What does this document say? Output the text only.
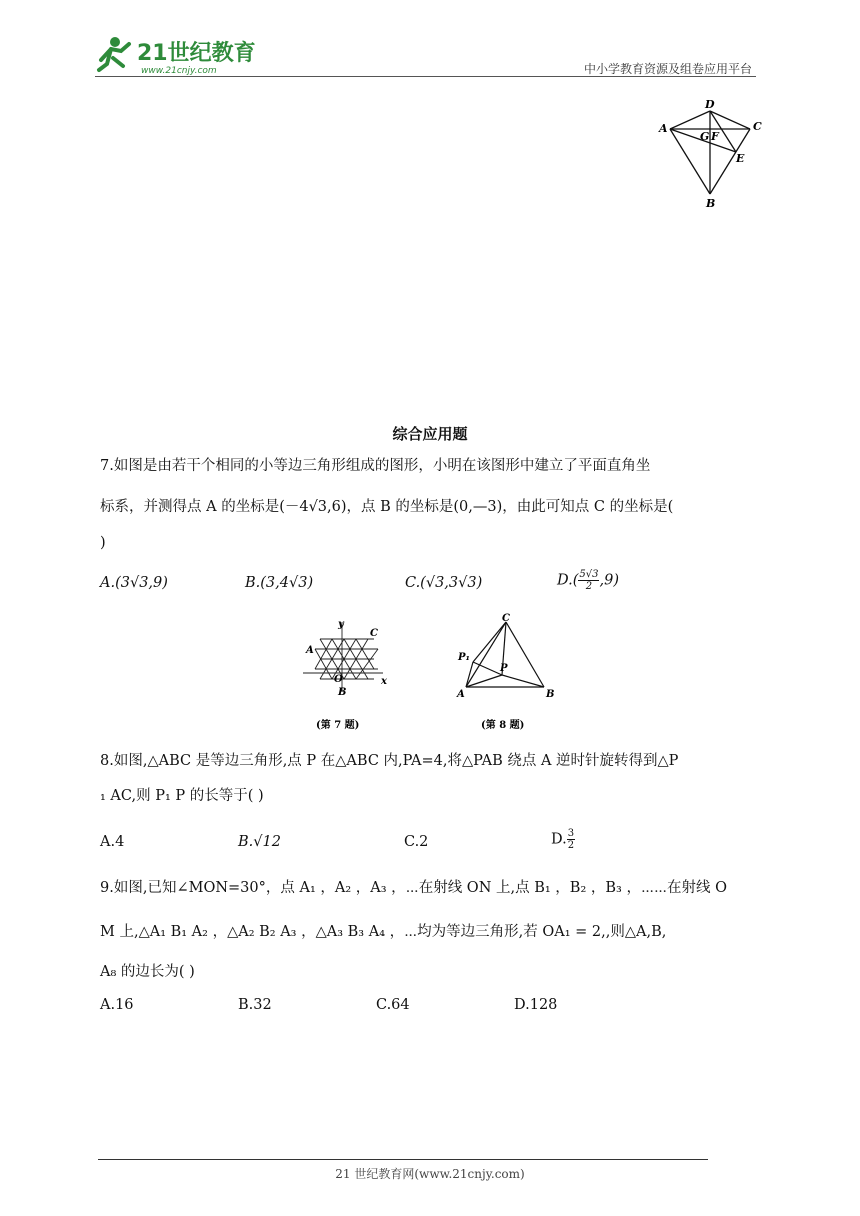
21世纪教育
www.21cnjy.com	中小学教育资源及组卷应用平台
D
A
G F
C
E
B
综合应用题
7.如图是由若干个相同的小等边三角形组成的图形，小明在该图形中建立了平面直角坐
标系，并测得点 A 的坐标是(－4√3,6)，点 B 的坐标是(0,—3)，由此可知点 C 的坐标是(
)
A.(3√3,9)	B.(3,4√3)	C.(√3,3√3)	$D.( \frac{5√3}{2} ,9)$
y
C
A
O
B
x
(第 7 题)
C
P₁
P
A	B
(第 8 题)
8.如图,△ABC 是等边三角形,点 P 在△ABC 内,PA=4,将△PAB 绕点 A 逆时针旋转得到△P
₁ AC,则 P₁ P 的长等于( )
A.4	B.√12	C.2	D. $\frac{3}{2}$
9.如图,已知∠MON=30°，点 A₁ ，A₂ ，A₃ ，⋯在射线 ON 上,点 B₁ ，B₂ ，B₃ ，⋯⋯在射线 O
M 上,△A₁ B₁ A₂ ，△A₂ B₂ A₃ ，△A₃ B₃ A₄ ，⋯均为等边三角形,若 OA₁ = 2,,则△A,B,
A₈ 的边长为( )
A.16	B.32	C.64	D.128
21 世纪教育网(www.21cnjy.com)
